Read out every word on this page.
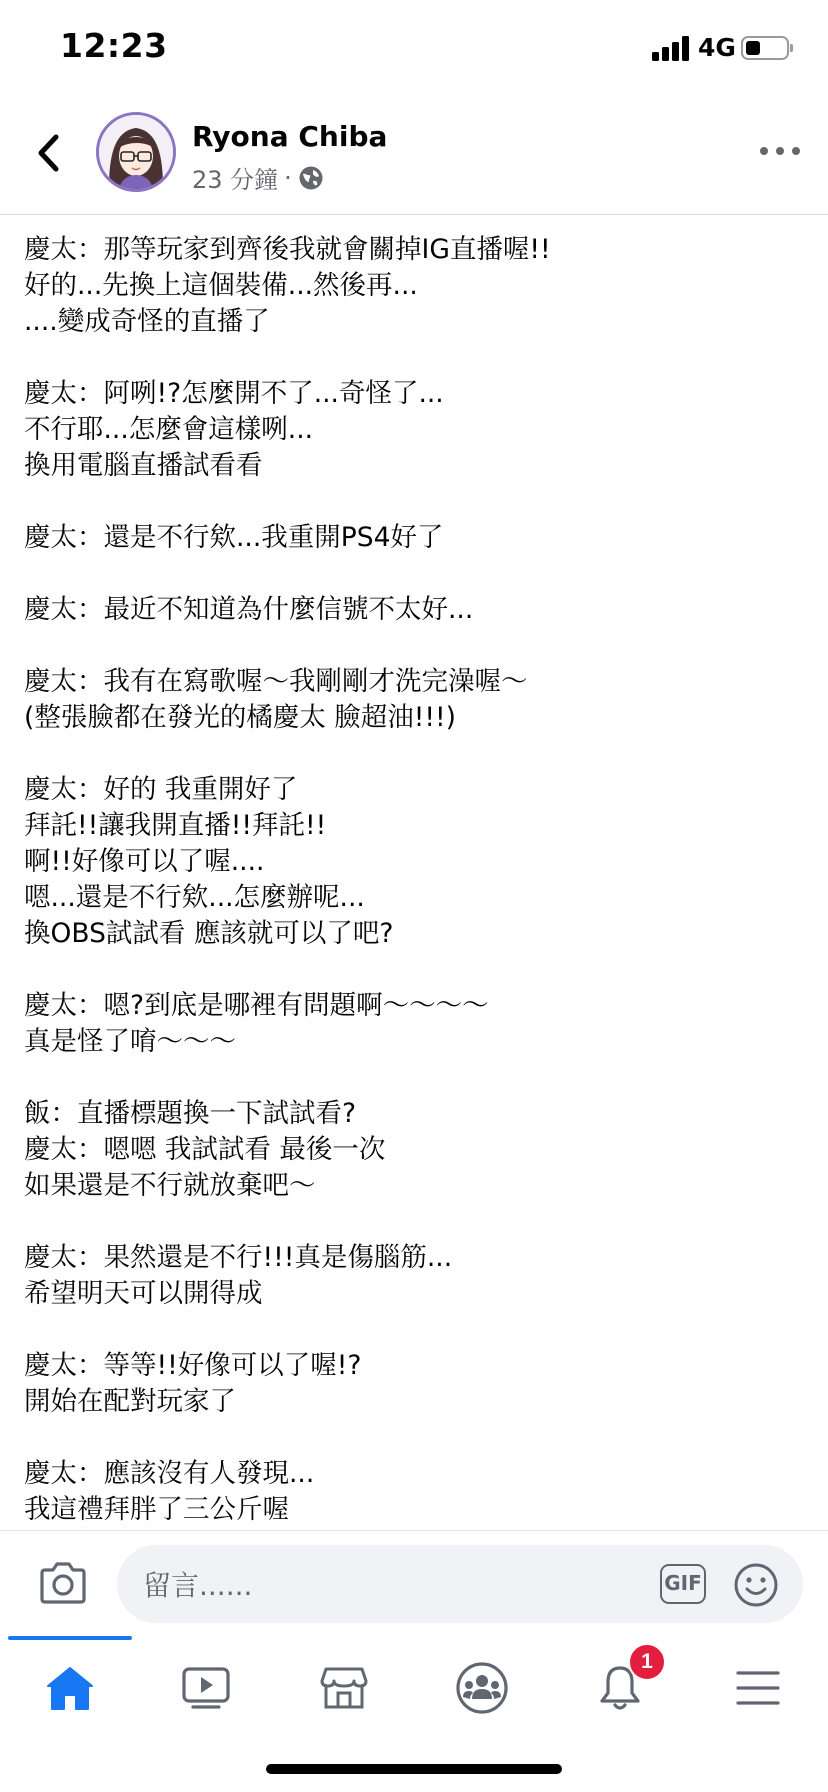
12:23	4G
Ryona Chiba
23 分鐘 ·
慶太：那等玩家到齊後我就會關掉IG直播喔!!
好的...先換上這個裝備...然後再...
....變成奇怪的直播了
慶太：阿咧!?怎麼開不了...奇怪了...
不行耶...怎麼會這樣咧...
換用電腦直播試看看
慶太：還是不行欸...我重開PS4好了
慶太：最近不知道為什麼信號不太好...
慶太：我有在寫歌喔～我剛剛才洗完澡喔～
(整張臉都在發光的橘慶太 臉超油!!!)
慶太：好的 我重開好了
拜託!!讓我開直播!!拜託!!
啊!!好像可以了喔....
嗯...還是不行欸...怎麼辦呢...
換OBS試試看 應該就可以了吧?
慶太：嗯?到底是哪裡有問題啊～～～～
真是怪了唷～～～
飯：直播標題換一下試試看?
慶太：嗯嗯 我試試看 最後一次
如果還是不行就放棄吧～
慶太：果然還是不行!!!真是傷腦筋...
希望明天可以開得成
慶太：等等!!好像可以了喔!?
開始在配對玩家了
慶太：應該沒有人發現...
我這禮拜胖了三公斤喔
留言......
GIF
1
